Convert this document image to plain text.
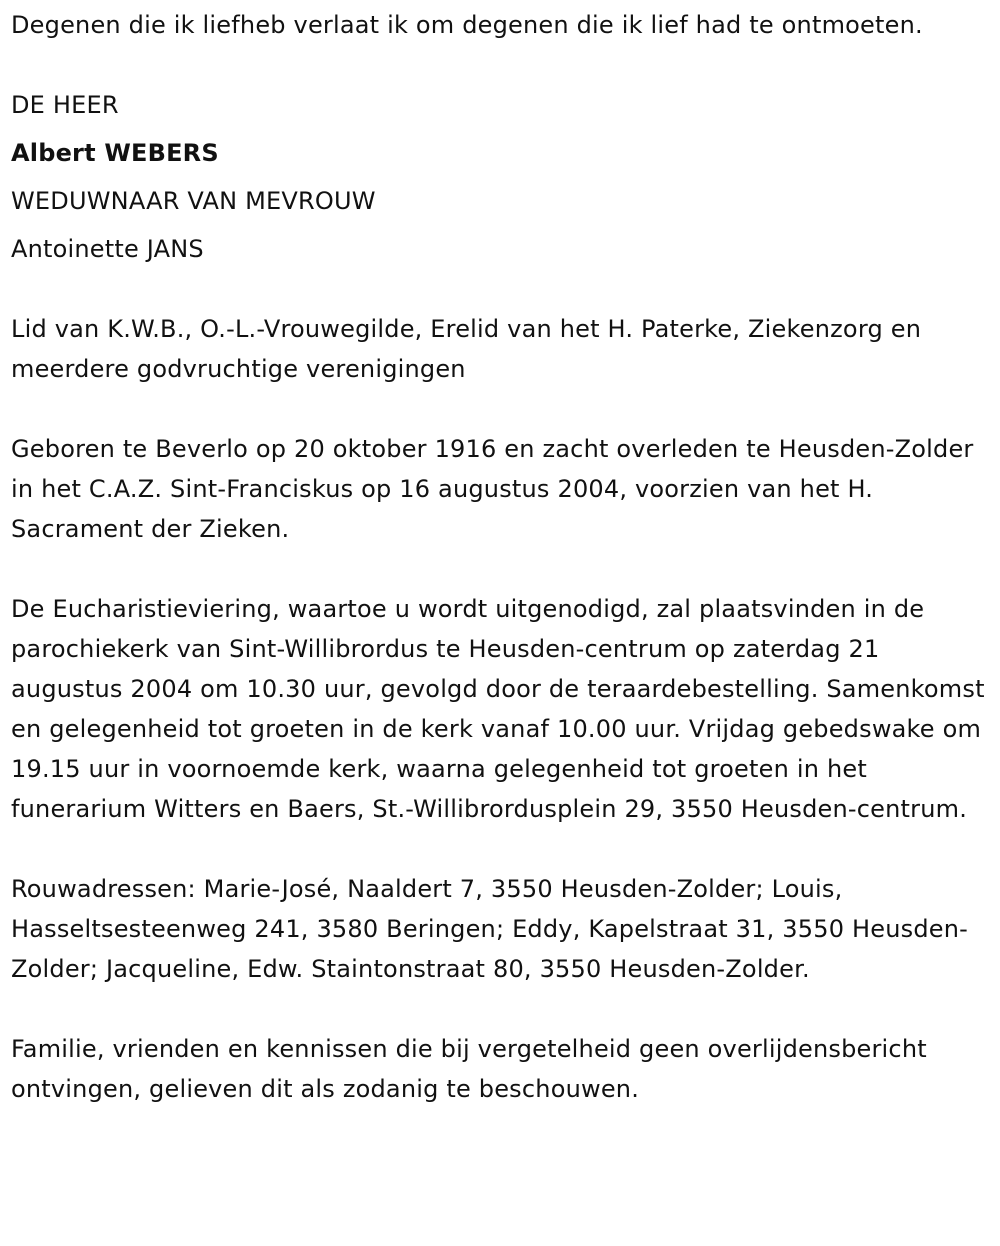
Degenen die ik liefheb verlaat ik om degenen die ik lief had te ontmoeten.

DE HEER

Albert WEBERS

WEDUWNAAR VAN MEVROUW

Antoinette JANS

Lid van K.W.B., O.-L.-Vrouwegilde, Erelid van het H. Paterke, Ziekenzorg en meerdere godvruchtige verenigingen

Geboren te Beverlo op 20 oktober 1916 en zacht overleden te Heusden-Zolder in het C.A.Z. Sint-Franciskus op 16 augustus 2004, voorzien van het H. Sacrament der Zieken.

De Eucharistieviering, waartoe u wordt uitgenodigd, zal plaatsvinden in de parochiekerk van Sint-Willibrordus te Heusden-centrum op zaterdag 21 augustus 2004 om 10.30 uur, gevolgd door de teraardebestelling. Samenkomst en gelegenheid tot groeten in de kerk vanaf 10.00 uur. Vrijdag gebedswake om 19.15 uur in voornoemde kerk, waarna gelegenheid tot groeten in het funerarium Witters en Baers, St.-Willibrordusplein 29, 3550 Heusden-centrum.

Rouwadressen: Marie-José, Naaldert 7, 3550 Heusden-Zolder; Louis, Hasseltsesteenweg 241, 3580 Beringen; Eddy, Kapelstraat 31, 3550 Heusden-Zolder; Jacqueline, Edw. Staintonstraat 80, 3550 Heusden-Zolder.

Familie, vrienden en kennissen die bij vergetelheid geen overlijdensbericht ontvingen, gelieven dit als zodanig te beschouwen.
